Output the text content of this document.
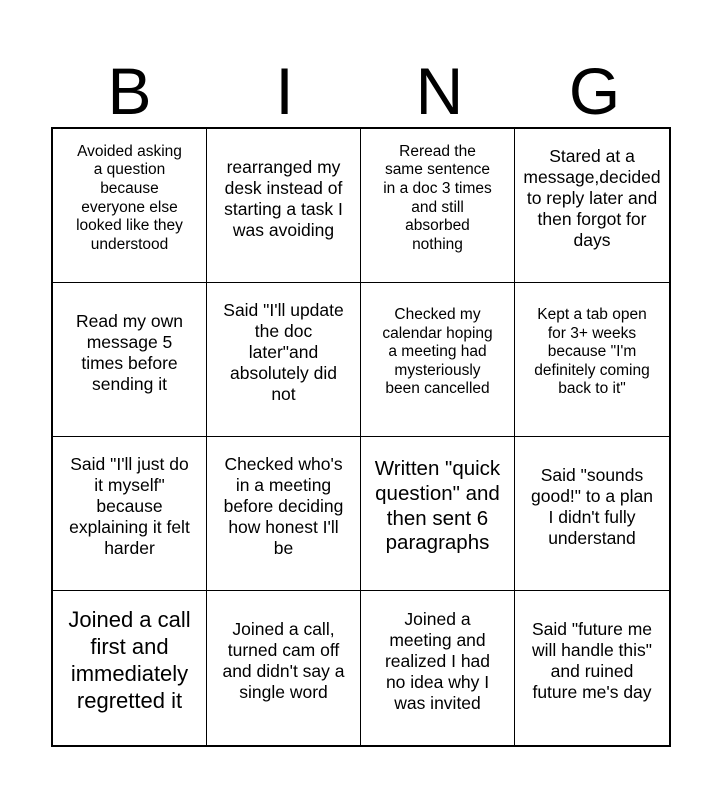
B	I	N	G
Avoided asking a question because everyone else looked like they understood
rearranged my desk instead of starting a task I was avoiding
Reread the same sentence in a doc 3 times and still absorbed nothing
Stared at a message,decided to reply later and then forgot for days
Read my own message 5 times before sending it
Said "I'll update the doc later"and absolutely did not
Checked my calendar hoping a meeting had mysteriously been cancelled
Kept a tab open for 3+ weeks because "I'm definitely coming back to it"
Said "I'll just do it myself" because explaining it felt harder
Checked who's in a meeting before deciding how honest I'll be
Written "quick question" and then sent 6 paragraphs
Said "sounds good!" to a plan I didn't fully understand
Joined a call first and immediately regretted it
Joined a call, turned cam off and didn't say a single word
Joined a meeting and realized I had no idea why I was invited
Said "future me will handle this" and ruined future me's day
